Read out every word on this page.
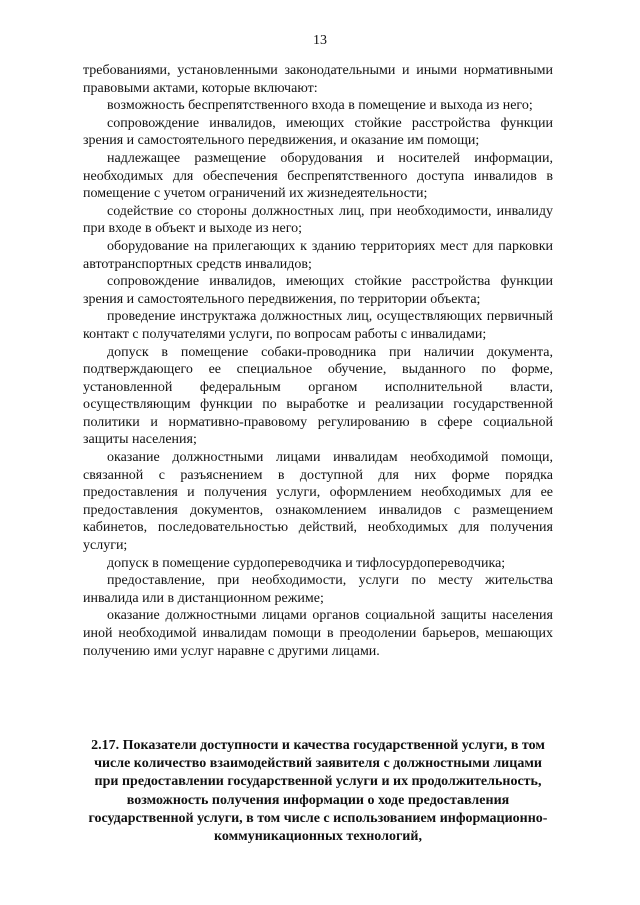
13

требованиями, установленными законодательными и иными нормативными правовыми актами, которые включают:

возможность беспрепятственного входа в помещение и выхода из него;

сопровождение инвалидов, имеющих стойкие расстройства функции зрения и самостоятельного передвижения, и оказание им помощи;

надлежащее размещение оборудования и носителей информации, необходимых для обеспечения беспрепятственного доступа инвалидов в помещение с учетом ограничений их жизнедеятельности;

содействие со стороны должностных лиц, при необходимости, инвалиду при входе в объект и выходе из него;

оборудование на прилегающих к зданию территориях мест для парковки автотранспортных средств инвалидов;

сопровождение инвалидов, имеющих стойкие расстройства функции зрения и самостоятельного передвижения, по территории объекта;

проведение инструктажа должностных лиц, осуществляющих первичный контакт с получателями услуги, по вопросам работы с инвалидами;

допуск в помещение собаки-проводника при наличии документа, подтверждающего ее специальное обучение, выданного по форме, установленной федеральным органом исполнительной власти, осуществляющим функции по выработке и реализации государственной политики и нормативно-правовому регулированию в сфере социальной защиты населения;

оказание должностными лицами инвалидам необходимой помощи, связанной с разъяснением в доступной для них форме порядка предоставления и получения услуги, оформлением необходимых для ее предоставления документов, ознакомлением инвалидов с размещением кабинетов, последовательностью действий, необходимых для получения услуги;

допуск в помещение сурдопереводчика и тифлосурдопереводчика;

предоставление, при необходимости, услуги по месту жительства инвалида или в дистанционном режиме;

оказание должностными лицами органов социальной защиты населения иной необходимой инвалидам помощи в преодолении барьеров, мешающих получению ими услуг наравне с другими лицами.

2.17. Показатели доступности и качества государственной услуги, в том числе количество взаимодействий заявителя с должностными лицами при предоставлении государственной услуги и их продолжительность, возможность получения информации о ходе предоставления государственной услуги, в том числе с использованием информационно-коммуникационных технологий,
